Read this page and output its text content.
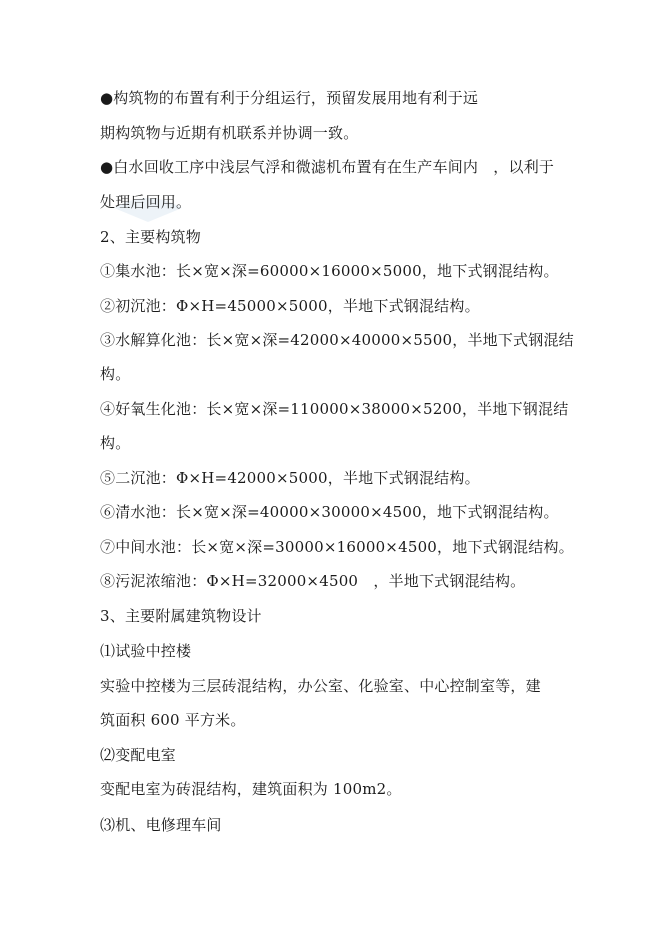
●构筑物的布置有利于分组运行，预留发展用地有利于远
期构筑物与近期有机联系并协调一致。
●白水回收工序中浅层气浮和微滤机布置有在生产车间内　，以利于
处理后回用。
2、主要构筑物
①集水池：长×宽×深=60000×16000×5000，地下式钢混结构。
②初沉池：Φ×H=45000×5000，半地下式钢混结构。
③水解算化池：长×宽×深=42000×40000×5500，半地下式钢混结
构。
④好氧生化池：长×宽×深=110000×38000×5200，半地下钢混结
构。
⑤二沉池：Φ×H=42000×5000，半地下式钢混结构。
⑥清水池：长×宽×深=40000×30000×4500，地下式钢混结构。
⑦中间水池：长×宽×深=30000×16000×4500，地下式钢混结构。
⑧污泥浓缩池：Φ×H=32000×4500　，半地下式钢混结构。
3、主要附属建筑物设计
⑴试验中控楼
实验中控楼为三层砖混结构，办公室、化验室、中心控制室等，建
筑面积 600 平方米。
⑵变配电室
变配电室为砖混结构，建筑面积为 100m2。
⑶机、电修理车间
